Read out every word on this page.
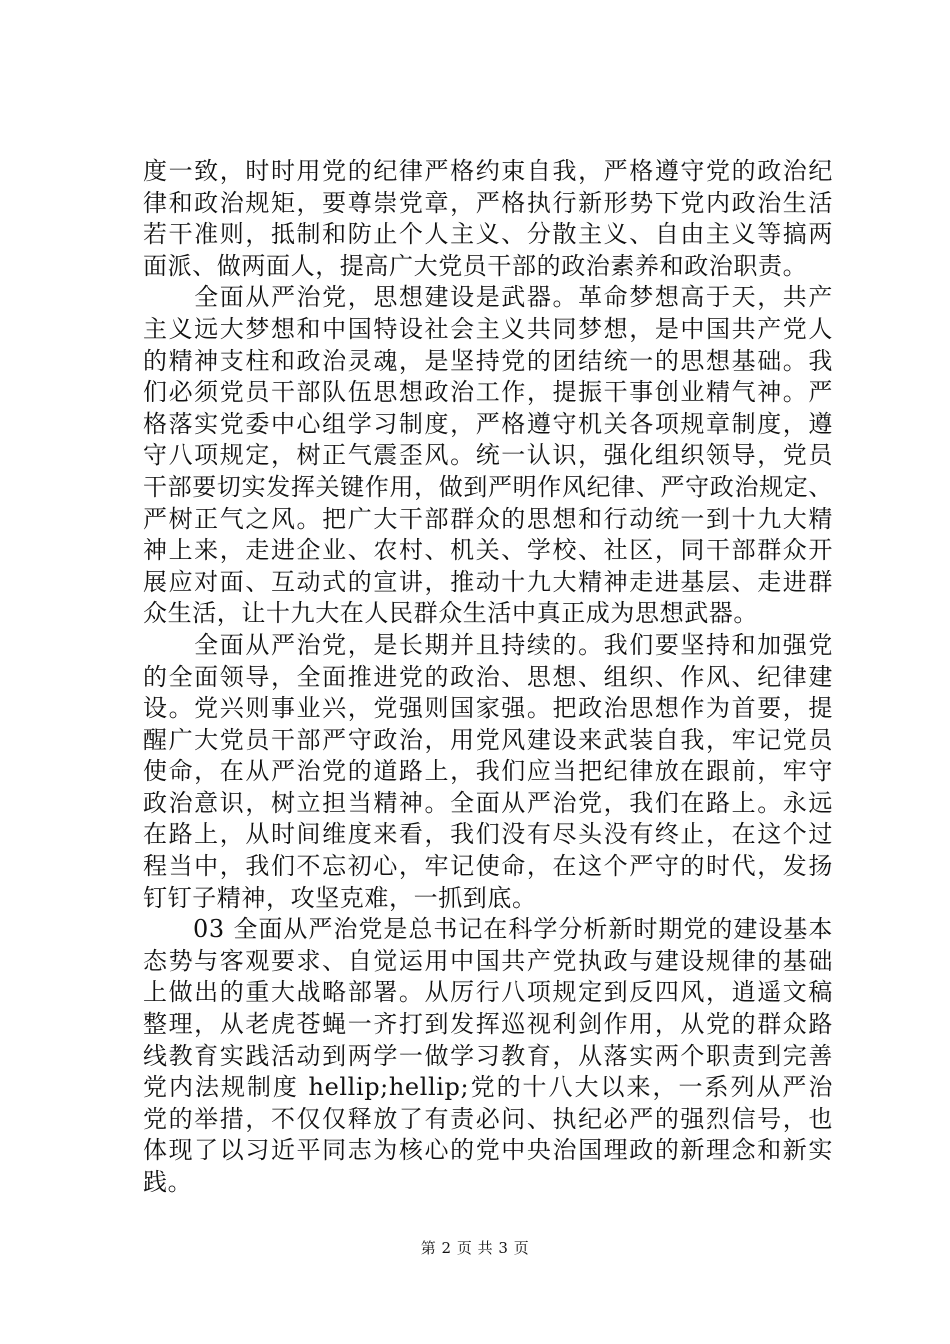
度一致，时时用党的纪律严格约束自我，严格遵守党的政治纪
律和政治规矩，要尊崇党章，严格执行新形势下党内政治生活
若干准则，抵制和防止个人主义、分散主义、自由主义等搞两
面派、做两面人，提高广大党员干部的政治素养和政治职责。
　　全面从严治党，思想建设是武器。革命梦想高于天，共产
主义远大梦想和中国特设社会主义共同梦想，是中国共产党人
的精神支柱和政治灵魂，是坚持党的团结统一的思想基础。我
们必须党员干部队伍思想政治工作，提振干事创业精气神。严
格落实党委中心组学习制度，严格遵守机关各项规章制度，遵
守八项规定，树正气震歪风。统一认识，强化组织领导，党员
干部要切实发挥关键作用，做到严明作风纪律、严守政治规定、
严树正气之风。把广大干部群众的思想和行动统一到十九大精
神上来，走进企业、农村、机关、学校、社区，同干部群众开
展应对面、互动式的宣讲，推动十九大精神走进基层、走进群
众生活，让十九大在人民群众生活中真正成为思想武器。
　　全面从严治党，是长期并且持续的。我们要坚持和加强党
的全面领导，全面推进党的政治、思想、组织、作风、纪律建
设。党兴则事业兴，党强则国家强。把政治思想作为首要，提
醒广大党员干部严守政治，用党风建设来武装自我，牢记党员
使命，在从严治党的道路上，我们应当把纪律放在跟前，牢守
政治意识，树立担当精神。全面从严治党，我们在路上。永远
在路上，从时间维度来看，我们没有尽头没有终止，在这个过
程当中，我们不忘初心，牢记使命，在这个严守的时代，发扬
钉钉子精神，攻坚克难，一抓到底。
　　03 全面从严治党是总书记在科学分析新时期党的建设基本
态势与客观要求、自觉运用中国共产党执政与建设规律的基础
上做出的重大战略部署。从厉行八项规定到反四风，逍遥文稿
整理，从老虎苍蝇一齐打到发挥巡视利剑作用，从党的群众路
线教育实践活动到两学一做学习教育，从落实两个职责到完善
党内法规制度 hellip;hellip;党的十八大以来，一系列从严治
党的举措，不仅仅释放了有责必问、执纪必严的强烈信号，也
体现了以习近平同志为核心的党中央治国理政的新理念和新实
践。
第 2 页 共 3 页
